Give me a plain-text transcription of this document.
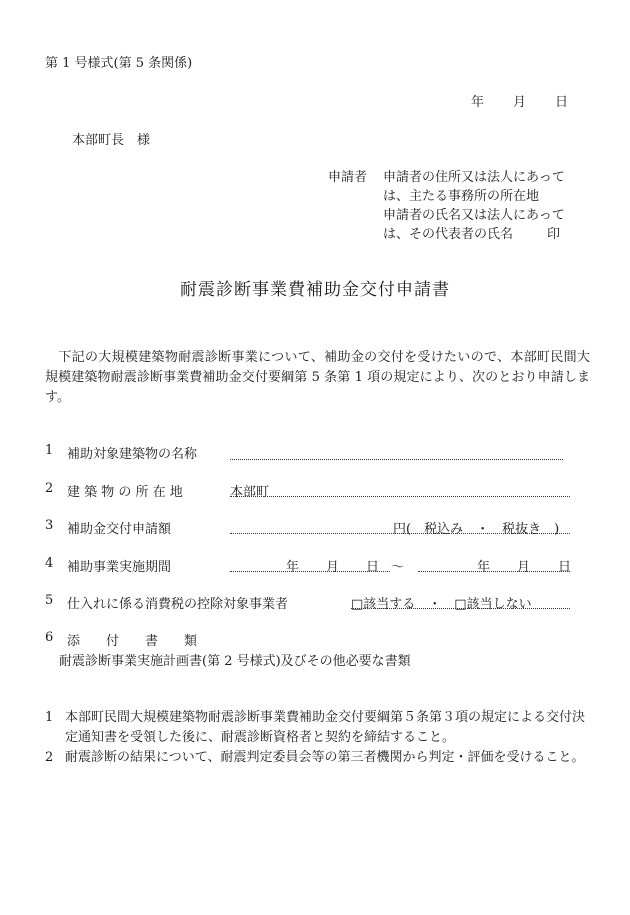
第 1 号様式(第 5 条関係)
年 月 日
本部町長　様
申請者 申請者の住所又は法人にあって
は、主たる事務所の所在地
申請者の氏名又は法人にあって
は、その代表者の氏名	印
耐震診断事業費補助金交付申請書
下記の大規模建築物耐震診断事業について、補助金の交付を受けたいので、本部町民間大規模建築物耐震診断事業費補助金交付要綱第 5 条第 1 項の規定により、次のとおり申請します。
1 補助対象建築物の名称
2 建 築 物 の 所 在 地	本部町
3 補助金交付申請額	円(　税込み　・　税抜き　)
4 補助事業実施期間	年 月 日 ～	年 月 日
5 仕入れに係る消費税の控除対象事業者	□該当する　・　□該当しない
6 添　　付　　書　　類
耐震診断事業実施計画書(第 2 号様式)及びその他必要な書類
1 本部町民間大規模建築物耐震診断事業費補助金交付要綱第５条第３項の規定による交付決定通知書を受領した後に、耐震診断資格者と契約を締結すること。
2 耐震診断の結果について、耐震判定委員会等の第三者機関から判定・評価を受けること。
